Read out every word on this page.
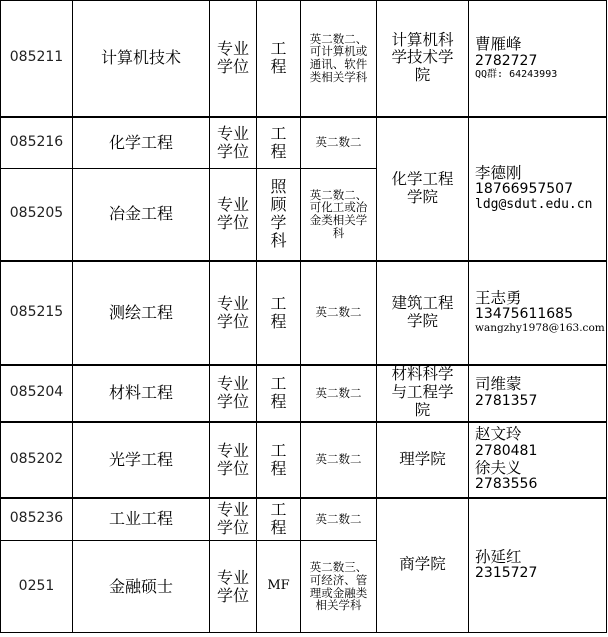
085211	计算机技术	专业学位	工程	英二数二、可计算机或通讯、软件类相关学科	计算机科学技术学院	曹雁峰
2782727
QQ群: 64243993

085216	化学工程	专业学位	工程	英二数二	化学工程学院	李德刚
18766957507
ldg@sdut.edu.cn

085205	冶金工程	专业学位	照顾学科	英二数二、可化工或冶金类相关学科		
085215	测绘工程	专业学位	工程	英二数二	建筑工程学院	王志勇
13475611685
wangzhy1978@163.com

085204	材料工程	专业学位	工程	英二数二	材料科学与工程学院	司维蒙
2781357

085202	光学工程	专业学位	工程	英二数二	理学院	赵文玲
2780481
徐夫义
2783556

085236	工业工程	专业学位	工程	英二数二	商学院	孙延红
2315727

0251	金融硕士	专业学位	MF	英二数三、可经济、管理或金融类相关学科		
